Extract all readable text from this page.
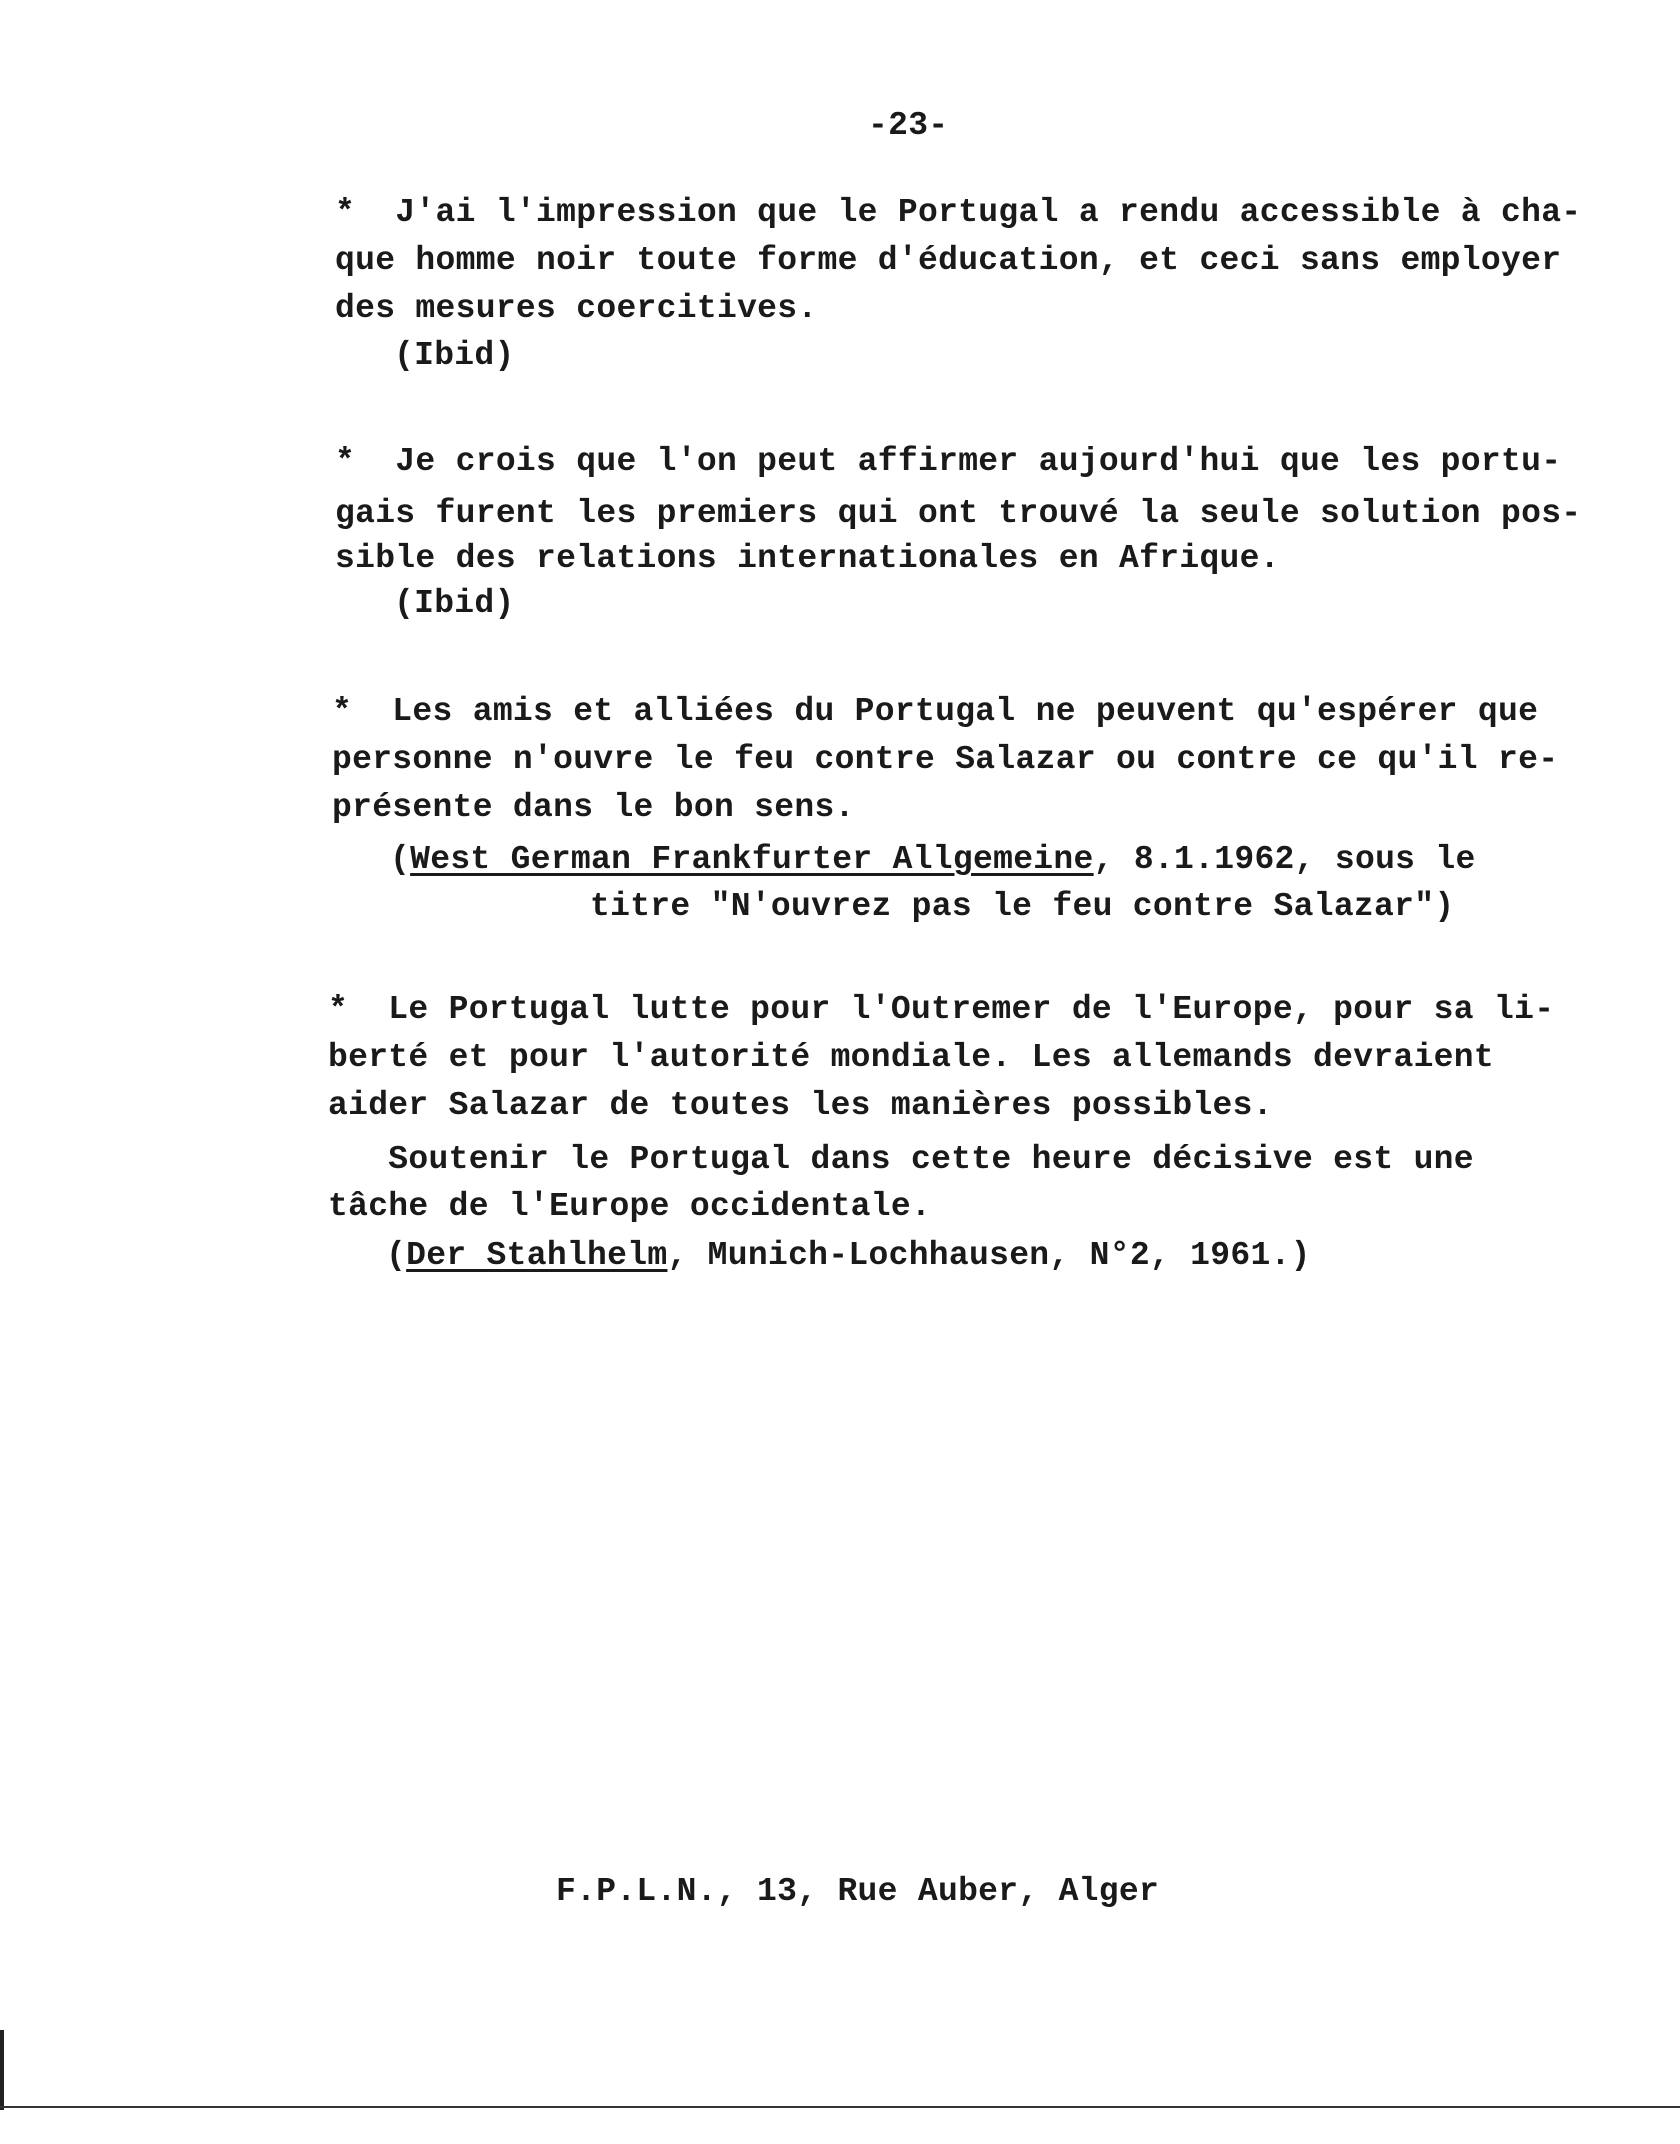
-23-
*  J'ai l'impression que le Portugal a rendu accessible à cha-
que homme noir toute forme d'éducation, et ceci sans employer
des mesures coercitives.
(Ibid)
*  Je crois que l'on peut affirmer aujourd'hui que les portu-
gais furent les premiers qui ont trouvé la seule solution pos-
sible des relations internationales en Afrique.
(Ibid)
*  Les amis et alliées du Portugal ne peuvent qu'espérer que
personne n'ouvre le feu contre Salazar ou contre ce qu'il re-
présente dans le bon sens.
(West German Frankfurter Allgemeine, 8.1.1962, sous le
titre "N'ouvrez pas le feu contre Salazar")
*  Le Portugal lutte pour l'Outremer de l'Europe, pour sa li-
berté et pour l'autorité mondiale. Les allemands devraient
aider Salazar de toutes les manières possibles.
Soutenir le Portugal dans cette heure décisive est une
tâche de l'Europe occidentale.
(Der Stahlhelm, Munich-Lochhausen, N°2, 1961.)
F.P.L.N., 13, Rue Auber, Alger
